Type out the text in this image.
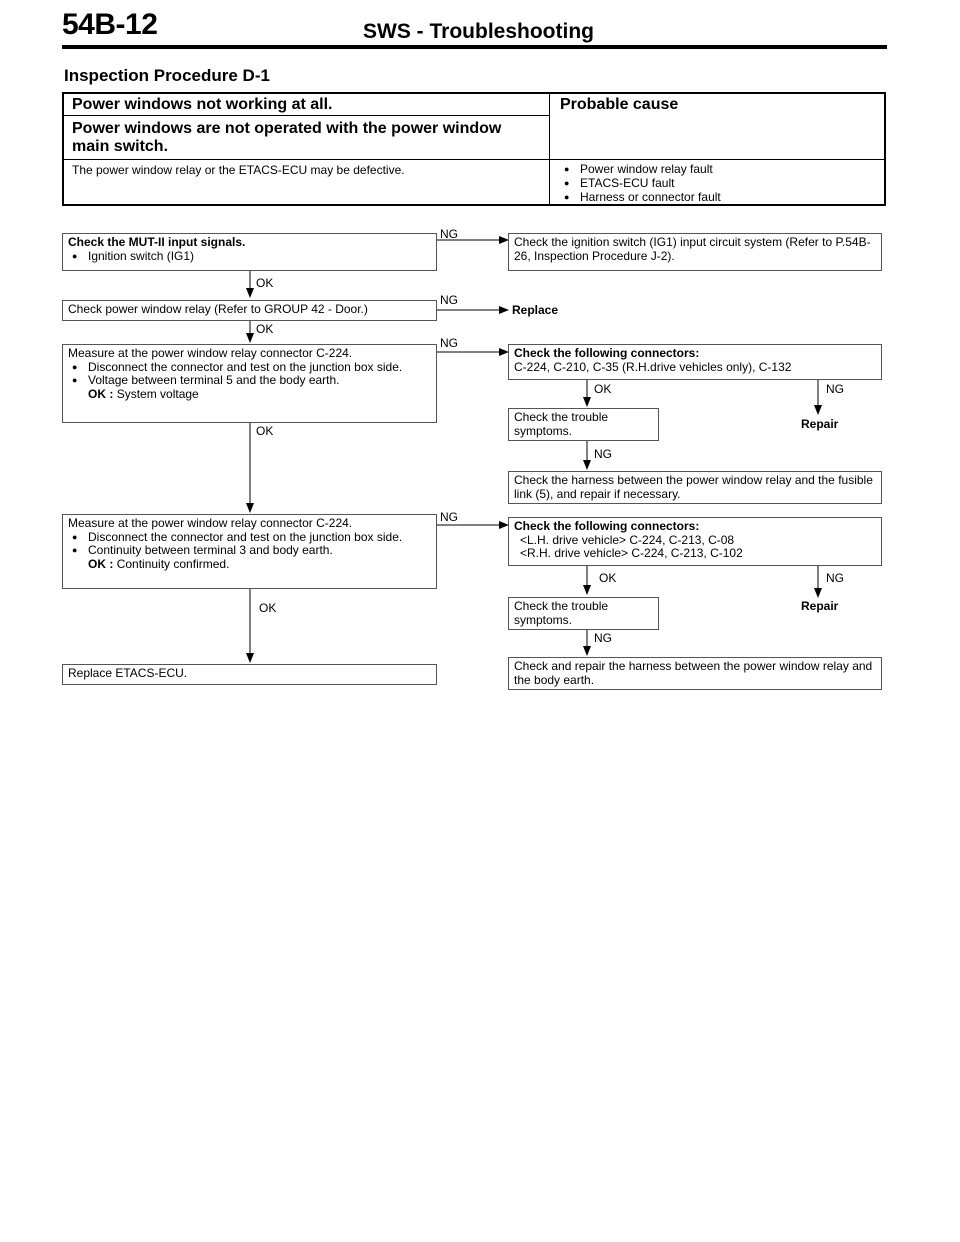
54B-12	SWS - Troubleshooting
Inspection Procedure D-1
Power windows not working at all.
Power windows are not operated with the power window main switch.
Probable cause
The power window relay or the ETACS-ECU may be defective.
●	Power window relay fault
● ETACS-ECU fault
● Harness or connector fault
Check the MUT-II input signals.
● Ignition switch (IG1)
NG
Check the ignition switch (IG1) input circuit system (Refer to P.54B-26, Inspection Procedure J-2).
OK
Check power window relay (Refer to GROUP 42 - Door.)
NG
Replace
OK
Measure at the power window relay connector C-224.
● Disconnect the connector and test on the junction box side.
● Voltage between terminal 5 and the body earth.
OK : System voltage
NG
Check the following connectors:
C-224, C-210, C-35 (R.H.drive vehicles only), C-132
OK	NG
Check the trouble symptoms.	Repair
OK
NG
Check the harness between the power window relay and the fusible link (5), and repair if necessary.
Measure at the power window relay connector C-224.
● Disconnect the connector and test on the junction box side.
● Continuity between terminal 3 and body earth.
OK : Continuity confirmed.
NG
Check the following connectors:
<L.H. drive vehicle> C-224, C-213, C-08
<R.H. drive vehicle> C-224, C-213, C-102
OK	NG
Check the trouble symptoms.
Repair
OK
NG
Replace ETACS-ECU.	Check and repair the harness between the power window relay and the body earth.
